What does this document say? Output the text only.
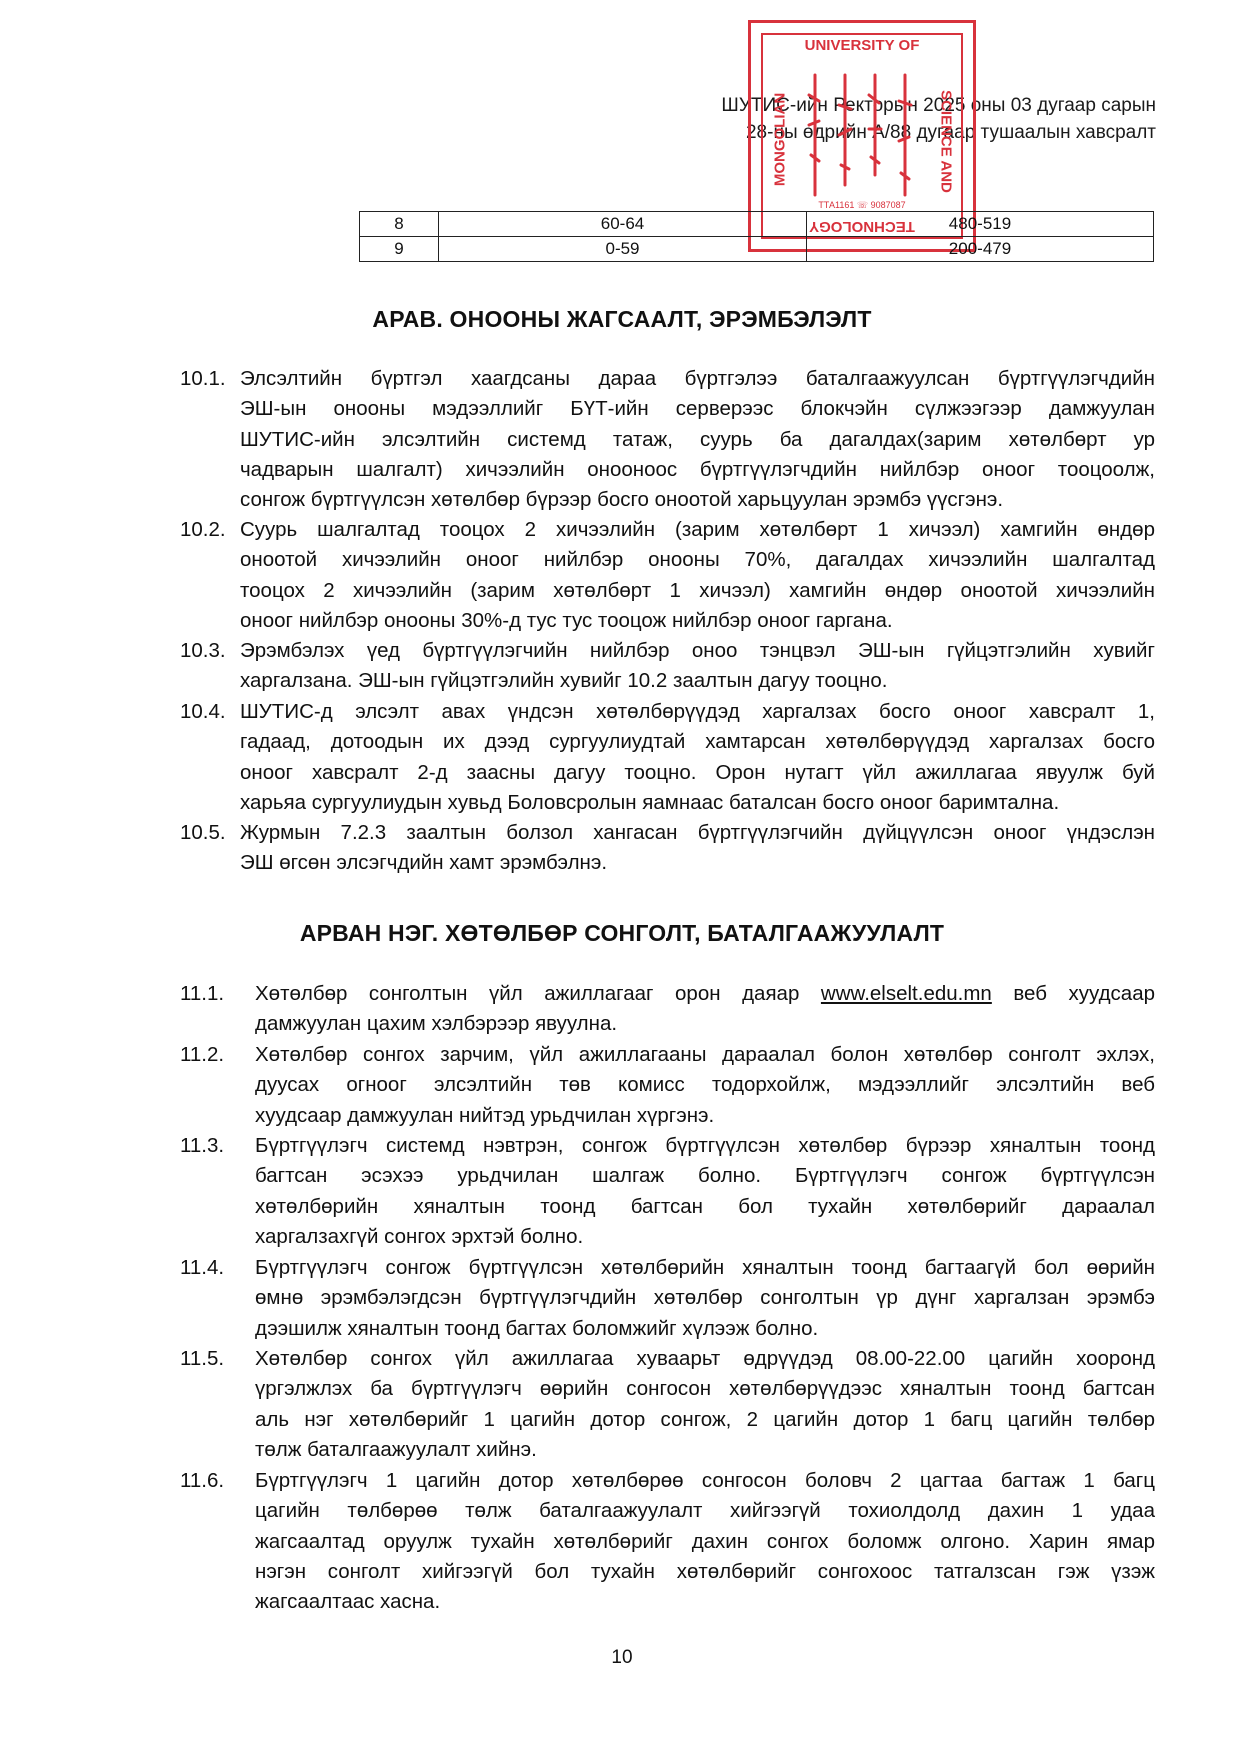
ШУТИС-ийн Ректорын 2025 оны 03 дугаар сарын
28-ны өдрийн А/88 дугаар тушаалын хавсралт
UNIVERSITY OF
MONGOLIAN	SCIENCE AND
ТТА1161 ☏ 9087087
TECHNOLOGY
8	60-64	480-519
9	0-59	200-479
АРАВ. ОНООНЫ ЖАГСААЛТ, ЭРЭМБЭЛЭЛТ
10.1. Элсэлтийн бүртгэл хаагдсаны дараа бүртгэлээ баталгаажуулсан бүртгүүлэгчдийн
ЭШ-ын онооны мэдээллийг БҮТ-ийн серверээс блокчэйн сүлжээгээр дамжуулан
ШУТИС-ийн элсэлтийн системд татаж, суурь ба дагалдах(зарим хөтөлбөрт ур
чадварын шалгалт) хичээлийн онооноос бүртгүүлэгчдийн нийлбэр оноог тооцоолж,
сонгож бүртгүүлсэн хөтөлбөр бүрээр босго оноотой харьцуулан эрэмбэ үүсгэнэ.
10.2. Суурь шалгалтад тооцох 2 хичээлийн (зарим хөтөлбөрт 1 хичээл) хамгийн өндөр
оноотой хичээлийн оноог нийлбэр онооны 70%, дагалдах хичээлийн шалгалтад
тооцох 2 хичээлийн (зарим хөтөлбөрт 1 хичээл) хамгийн өндөр оноотой хичээлийн
оноог нийлбэр онооны 30%-д тус тус тооцож нийлбэр оноог гаргана.
10.3. Эрэмбэлэх үед бүртгүүлэгчийн нийлбэр оноо тэнцвэл ЭШ-ын гүйцэтгэлийн хувийг
харгалзана. ЭШ-ын гүйцэтгэлийн хувийг 10.2 заалтын дагуу тооцно.
10.4. ШУТИС-д элсэлт авах үндсэн хөтөлбөрүүдэд харгалзах босго оноог хавсралт 1,
гадаад, дотоодын их дээд сургуулиудтай хамтарсан хөтөлбөрүүдэд харгалзах босго
оноог хавсралт 2-д заасны дагуу тооцно. Орон нутагт үйл ажиллагаа явуулж буй
харьяа сургуулиудын хувьд Боловсролын яамнаас баталсан босго оноог баримтална.
10.5. Журмын 7.2.3 заалтын болзол хангасан бүртгүүлэгчийн дүйцүүлсэн оноог үндэслэн
ЭШ өгсөн элсэгчдийн хамт эрэмбэлнэ.
АРВАН НЭГ. ХӨТӨЛБӨР СОНГОЛТ, БАТАЛГААЖУУЛАЛТ
11.1. Хөтөлбөр сонголтын үйл ажиллагааг орон даяар www.elselt.edu.mn веб хуудсаар
дамжуулан цахим хэлбэрээр явуулна.
11.2. Хөтөлбөр сонгох зарчим, үйл ажиллагааны дараалал болон хөтөлбөр сонголт эхлэх,
дуусах огноог элсэлтийн төв комисс тодорхойлж, мэдээллийг элсэлтийн веб
хуудсаар дамжуулан нийтэд урьдчилан хүргэнэ.
11.3. Бүртгүүлэгч системд нэвтрэн, сонгож бүртгүүлсэн хөтөлбөр бүрээр хяналтын тоонд
багтсан эсэхээ урьдчилан шалгаж болно. Бүртгүүлэгч сонгож бүртгүүлсэн
хөтөлбөрийн хяналтын тоонд багтсан бол тухайн хөтөлбөрийг дараалал
харгалзахгүй сонгох эрхтэй болно.
11.4. Бүртгүүлэгч сонгож бүртгүүлсэн хөтөлбөрийн хяналтын тоонд багтаагүй бол өөрийн
өмнө эрэмбэлэгдсэн бүртгүүлэгчдийн хөтөлбөр сонголтын үр дүнг харгалзан эрэмбэ
дээшилж хяналтын тоонд багтах боломжийг хүлээж болно.
11.5. Хөтөлбөр сонгох үйл ажиллагаа хуваарьт өдрүүдэд 08.00-22.00 цагийн хооронд
үргэлжлэх ба бүртгүүлэгч өөрийн сонгосон хөтөлбөрүүдээс хяналтын тоонд багтсан
аль нэг хөтөлбөрийг 1 цагийн дотор сонгож, 2 цагийн дотор 1 багц цагийн төлбөр
төлж баталгаажуулалт хийнэ.
11.6. Бүртгүүлэгч 1 цагийн дотор хөтөлбөрөө сонгосон боловч 2 цагтаа багтаж 1 багц
цагийн төлбөрөө төлж баталгаажуулалт хийгээгүй тохиолдолд дахин 1 удаа
жагсаалтад оруулж тухайн хөтөлбөрийг дахин сонгох боломж олгоно. Харин ямар
нэгэн сонголт хийгээгүй бол тухайн хөтөлбөрийг сонгохоос татгалзсан гэж үзэж
жагсаалтаас хасна.
10
